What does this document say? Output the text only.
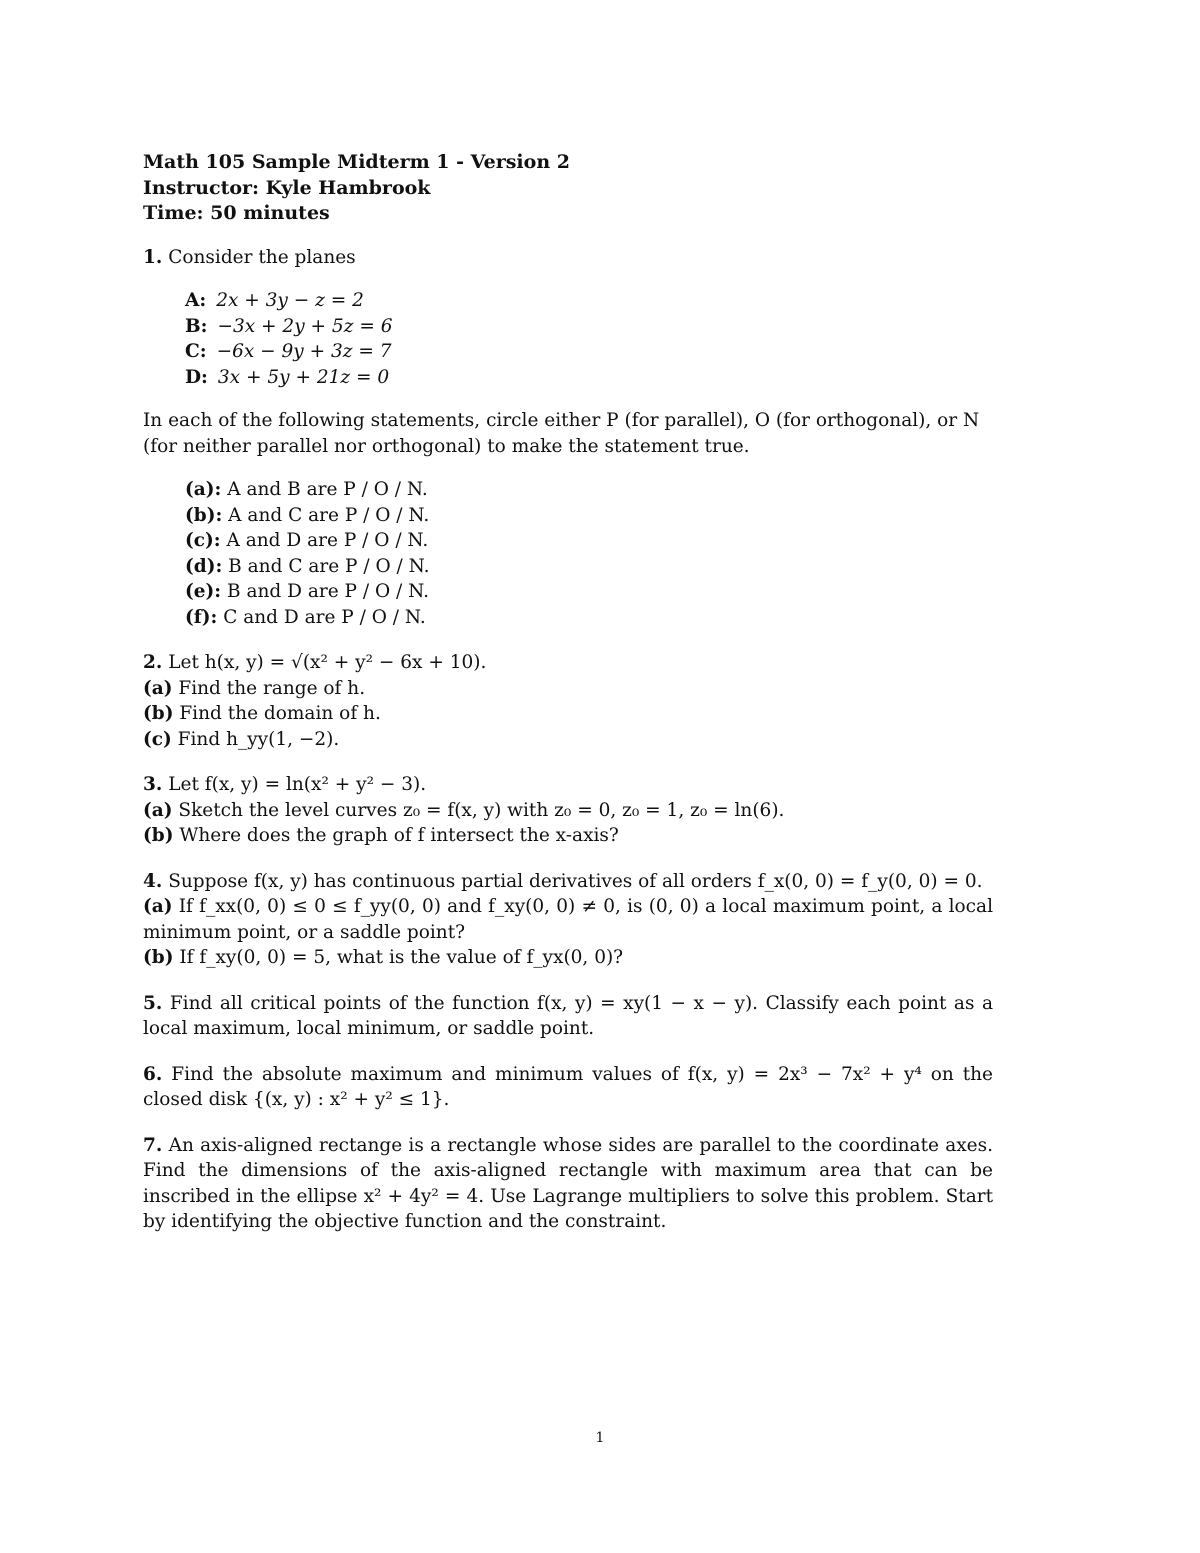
Math 105 Sample Midterm 1 - Version 2
Instructor: Kyle Hambrook
Time: 50 minutes
1. Consider the planes
A: 2x + 3y − z = 2
B: −3x + 2y + 5z = 6
C: −6x − 9y + 3z = 7
D: 3x + 5y + 21z = 0
In each of the following statements, circle either P (for parallel), O (for orthogonal), or N (for neither parallel nor orthogonal) to make the statement true.
(a): A and B are P / O / N.
(b): A and C are P / O / N.
(c): A and D are P / O / N.
(d): B and C are P / O / N.
(e): B and D are P / O / N.
(f): C and D are P / O / N.
2. Let h(x, y) = √(x² + y² − 6x + 10).
(a) Find the range of h.
(b) Find the domain of h.
(c) Find h_yy(1, −2).
3. Let f(x, y) = ln(x² + y² − 3).
(a) Sketch the level curves z₀ = f(x, y) with z₀ = 0, z₀ = 1, z₀ = ln(6).
(b) Where does the graph of f intersect the x-axis?
4. Suppose f(x, y) has continuous partial derivatives of all orders f_x(0, 0) = f_y(0, 0) = 0.
(a) If f_xx(0, 0) ≤ 0 ≤ f_yy(0, 0) and f_xy(0, 0) ≠ 0, is (0, 0) a local maximum point, a local minimum point, or a saddle point?
(b) If f_xy(0, 0) = 5, what is the value of f_yx(0, 0)?
5. Find all critical points of the function f(x, y) = xy(1 − x − y). Classify each point as a local maximum, local minimum, or saddle point.
6. Find the absolute maximum and minimum values of f(x, y) = 2x³ − 7x² + y⁴ on the closed disk {(x, y) : x² + y² ≤ 1}.
7. An axis-aligned rectange is a rectangle whose sides are parallel to the coordinate axes. Find the dimensions of the axis-aligned rectangle with maximum area that can be inscribed in the ellipse x² + 4y² = 4. Use Lagrange multipliers to solve this problem. Start by identifying the objective function and the constraint.
1
